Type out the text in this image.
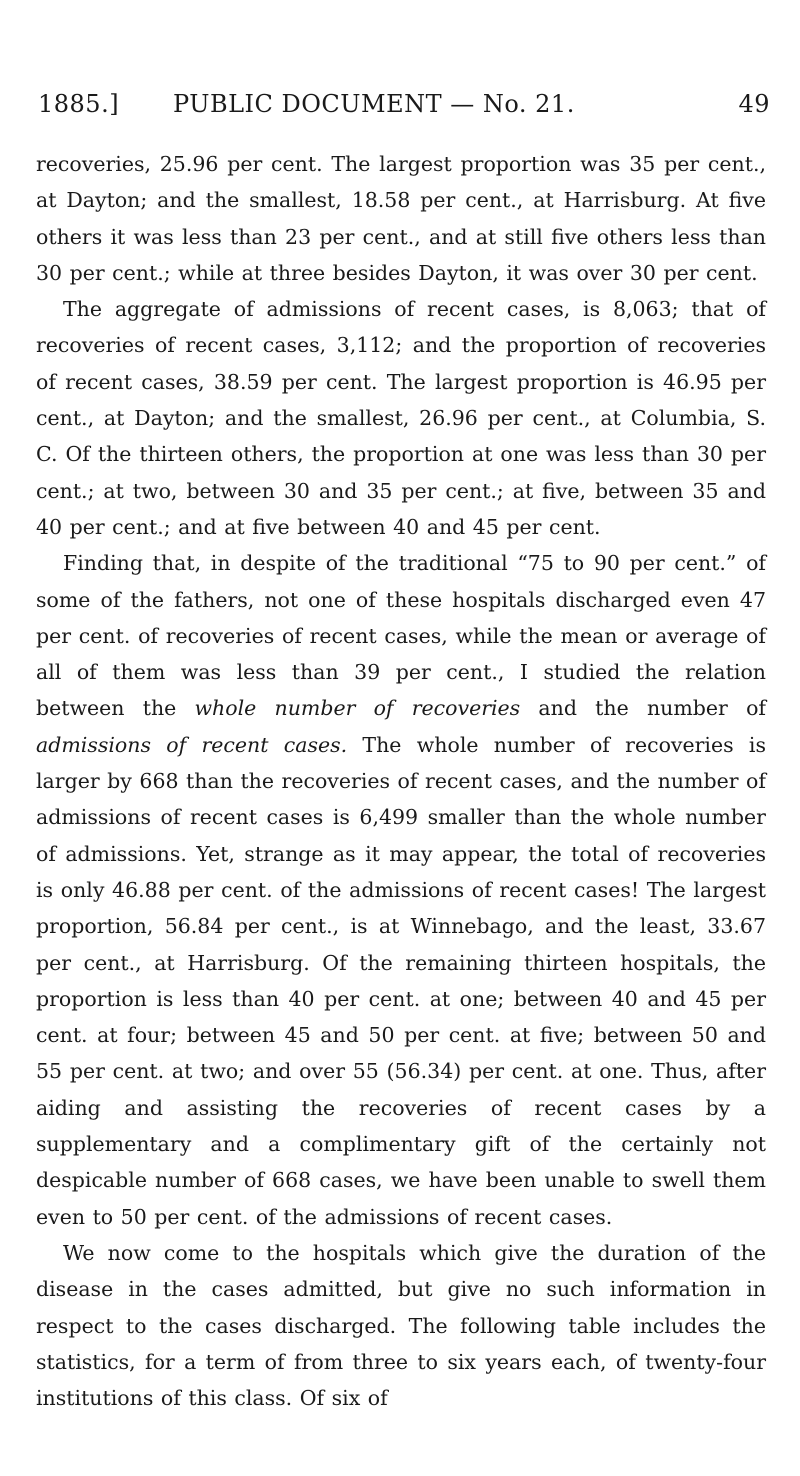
1885.] PUBLIC DOCUMENT — No. 21.	49

recoveries, 25.96 per cent. The largest proportion was 35 per cent., at Dayton; and the smallest, 18.58 per cent., at Harrisburg. At five others it was less than 23 per cent., and at still five others less than 30 per cent.; while at three besides Dayton, it was over 30 per cent.

The aggregate of admissions of recent cases, is 8,063; that of recoveries of recent cases, 3,112; and the proportion of recoveries of recent cases, 38.59 per cent. The largest proportion is 46.95 per cent., at Dayton; and the smallest, 26.96 per cent., at Columbia, S. C. Of the thirteen others, the proportion at one was less than 30 per cent.; at two, between 30 and 35 per cent.; at five, between 35 and 40 per cent.; and at five between 40 and 45 per cent.

Finding that, in despite of the traditional “75 to 90 per cent.” of some of the fathers, not one of these hospitals discharged even 47 per cent. of recoveries of recent cases, while the mean or average of all of them was less than 39 per cent., I studied the relation between the whole number of recoveries and the number of admissions of recent cases. The whole number of recoveries is larger by 668 than the recoveries of recent cases, and the number of admissions of recent cases is 6,499 smaller than the whole number of admissions. Yet, strange as it may appear, the total of recoveries is only 46.88 per cent. of the admissions of recent cases! The largest proportion, 56.84 per cent., is at Winnebago, and the least, 33.67 per cent., at Harrisburg. Of the remaining thirteen hospitals, the proportion is less than 40 per cent. at one; between 40 and 45 per cent. at four; between 45 and 50 per cent. at five; between 50 and 55 per cent. at two; and over 55 (56.34) per cent. at one. Thus, after aiding and assisting the recoveries of recent cases by a supplementary and a complimentary gift of the certainly not despicable number of 668 cases, we have been unable to swell them even to 50 per cent. of the admissions of recent cases.

We now come to the hospitals which give the duration of the disease in the cases admitted, but give no such information in respect to the cases discharged. The following table includes the statistics, for a term of from three to six years each, of twenty-four institutions of this class. Of six of
